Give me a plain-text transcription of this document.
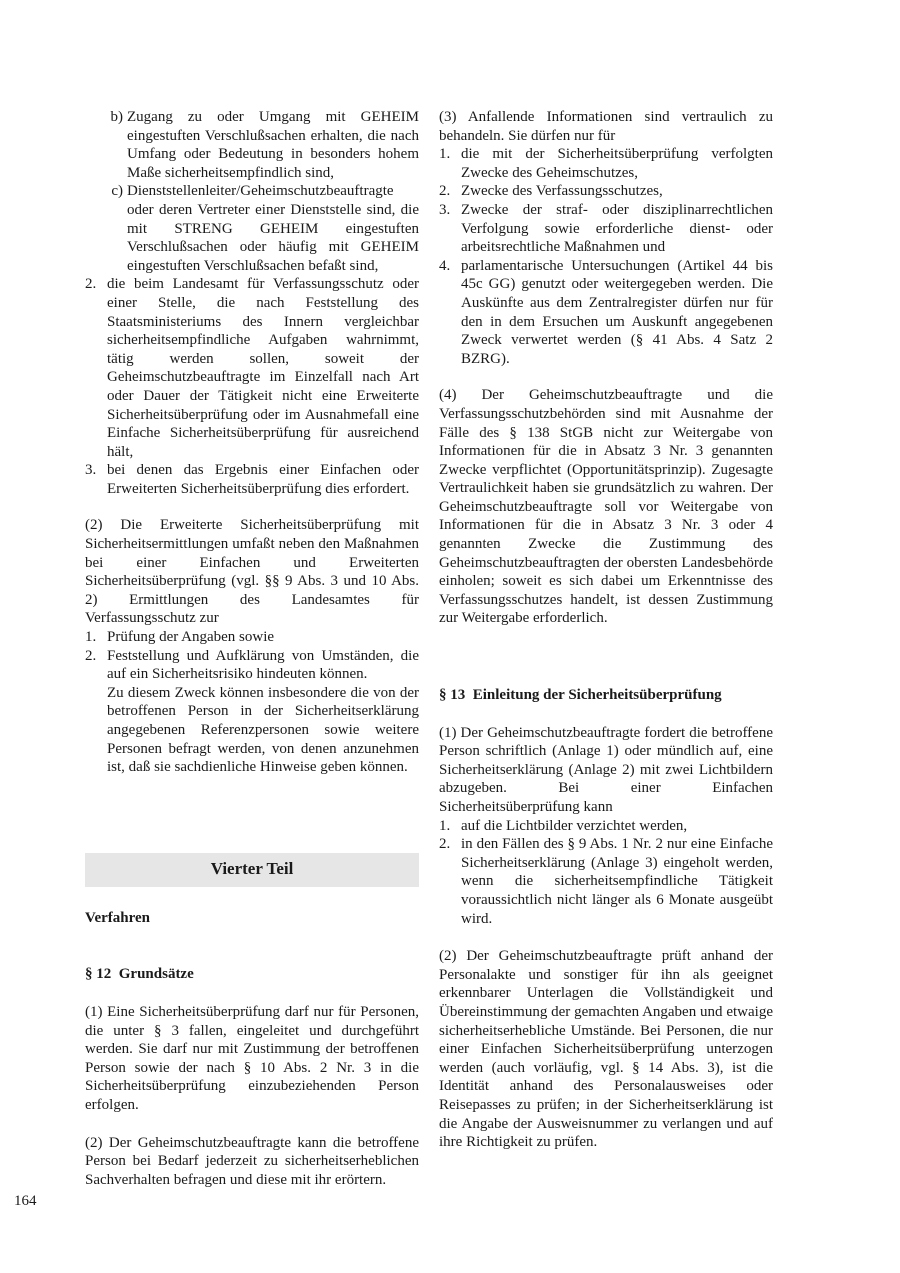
b) Zugang zu oder Umgang mit GEHEIM eingestuften Verschlußsachen erhalten, die nach Umfang oder Bedeutung in besonders hohem Maße sicherheitsempfindlich sind,
c) Dienststellenleiter/Geheimschutzbeauftragte oder deren Vertreter einer Dienststelle sind, die mit STRENG GEHEIM eingestuften Verschlußsachen oder häufig mit GEHEIM eingestuften Verschlußsachen befaßt sind,
2. die beim Landesamt für Verfassungsschutz oder einer Stelle, die nach Feststellung des Staatsministeriums des Innern vergleichbar sicherheitsempfindliche Aufgaben wahrnimmt, tätig werden sollen, soweit der Geheimschutzbeauftragte im Einzelfall nach Art oder Dauer der Tätigkeit nicht eine Erweiterte Sicherheitsüberprüfung oder im Ausnahmefall eine Einfache Sicherheitsüberprüfung für ausreichend hält,
3. bei denen das Ergebnis einer Einfachen oder Erweiterten Sicherheitsüberprüfung dies erfordert.

(2) Die Erweiterte Sicherheitsüberprüfung mit Sicherheitsermittlungen umfaßt neben den Maßnahmen bei einer Einfachen und Erweiterten Sicherheitsüberprüfung (vgl. §§ 9 Abs. 3 und 10 Abs. 2) Ermittlungen des Landesamtes für Verfassungsschutz zur

1. Prüfung der Angaben sowie
2. Feststellung und Aufklärung von Umständen, die auf ein Sicherheitsrisiko hindeuten können.
Zu diesem Zweck können insbesondere die von der betroffenen Person in der Sicherheitserklärung angegebenen Referenzpersonen sowie weitere Personen befragt werden, von denen anzunehmen ist, daß sie sachdienliche Hinweise geben können.
Vierter Teil
Verfahren
§ 12  Grundsätze

(1) Eine Sicherheitsüberprüfung darf nur für Personen, die unter § 3 fallen, eingeleitet und durchgeführt werden. Sie darf nur mit Zustimmung der betroffenen Person sowie der nach § 10 Abs. 2 Nr. 3 in die Sicherheitsüberprüfung einzubeziehenden Person erfolgen.

(2) Der Geheimschutzbeauftragte kann die betroffene Person bei Bedarf jederzeit zu sicherheitserheblichen Sachverhalten befragen und diese mit ihr erörtern.

(3) Anfallende Informationen sind vertraulich zu behandeln. Sie dürfen nur für

1. die mit der Sicherheitsüberprüfung verfolgten Zwecke des Geheimschutzes,
2. Zwecke des Verfassungsschutzes,
3. Zwecke der straf- oder disziplinarrechtlichen Verfolgung sowie erforderliche dienst- oder arbeitsrechtliche Maßnahmen und
4. parlamentarische Untersuchungen (Artikel 44 bis 45c GG) genutzt oder weitergegeben werden. Die Auskünfte aus dem Zentralregister dürfen nur für den in dem Ersuchen um Auskunft angegebenen Zweck verwertet werden (§ 41 Abs. 4 Satz 2 BZRG).

(4) Der Geheimschutzbeauftragte und die Verfassungsschutzbehörden sind mit Ausnahme der Fälle des § 138 StGB nicht zur Weitergabe von Informationen für die in Absatz 3 Nr. 3 genannten Zwecke verpflichtet (Opportunitätsprinzip). Zugesagte Vertraulichkeit haben sie grundsätzlich zu wahren. Der Geheimschutzbeauftragte soll vor Weitergabe von Informationen für die in Absatz 3 Nr. 3 oder 4 genannten Zwecke die Zustimmung des Geheimschutzbeauftragten der obersten Landesbehörde einholen; soweit es sich dabei um Erkenntnisse des Verfassungsschutzes handelt, ist dessen Zustimmung zur Weitergabe erforderlich.

§ 13  Einleitung der Sicherheitsüberprüfung

(1) Der Geheimschutzbeauftragte fordert die betroffene Person schriftlich (Anlage 1) oder mündlich auf, eine Sicherheitserklärung (Anlage 2) mit zwei Lichtbildern abzugeben. Bei einer Einfachen Sicherheitsüberprüfung kann

1. auf die Lichtbilder verzichtet werden,
2. in den Fällen des § 9 Abs. 1 Nr. 2 nur eine Einfache Sicherheitserklärung (Anlage 3) eingeholt werden, wenn die sicherheitsempfindliche Tätigkeit voraussichtlich nicht länger als 6 Monate ausgeübt wird.

(2) Der Geheimschutzbeauftragte prüft anhand der Personalakte und sonstiger für ihn als geeignet erkennbarer Unterlagen die Vollständigkeit und Übereinstimmung der gemachten Angaben und etwaige sicherheitserhebliche Umstände. Bei Personen, die nur einer Einfachen Sicherheitsüberprüfung unterzogen werden (auch vorläufig, vgl. § 14 Abs. 3), ist die Identität anhand des Personalausweises oder Reisepasses zu prüfen; in der Sicherheitserklärung ist die Angabe der Ausweisnummer zu verlangen und auf ihre Richtigkeit zu prüfen.

164
